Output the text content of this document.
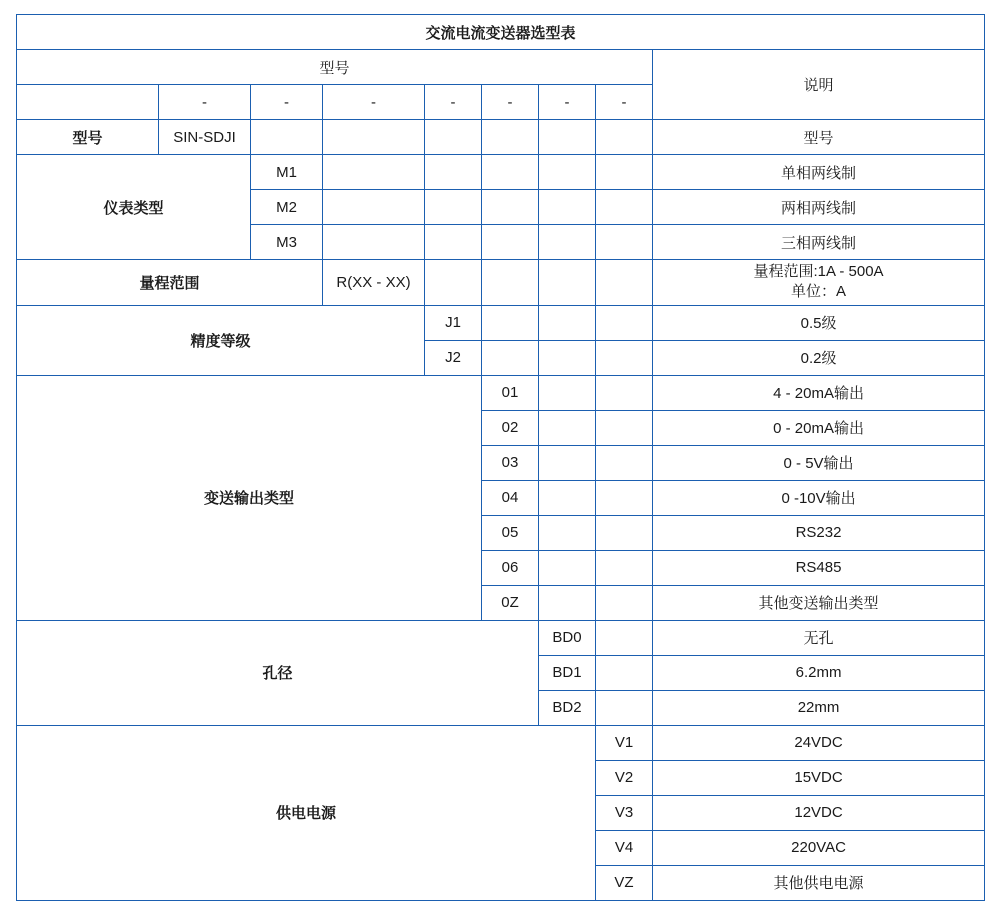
交流电流变送器选型表								
型号								说明
	-	-	-	-	-	-	-	
型号	SIN-SDJI							型号
仪表类型		M1						单相两线制
		M2						两相两线制
		M3						三相两线制
量程范围			R(XX - XX)					量程范围:1A - 500A
单位：A

精度等级				J1				0.5级
				J2				0.2级
变送输出类型					01			4 - 20mA输出
					02			0 - 20mA输出
					03			0 - 5V输出
					04			0 -10V输出
					05			RS232
					06			RS485
					0Z			其他变送输出类型
孔径						BD0		无孔
						BD1		6.2mm
						BD2		22mm
供电电源							V1	24VDC
							V2	15VDC
							V3	12VDC
							V4	220VAC
							VZ	其他供电电源
